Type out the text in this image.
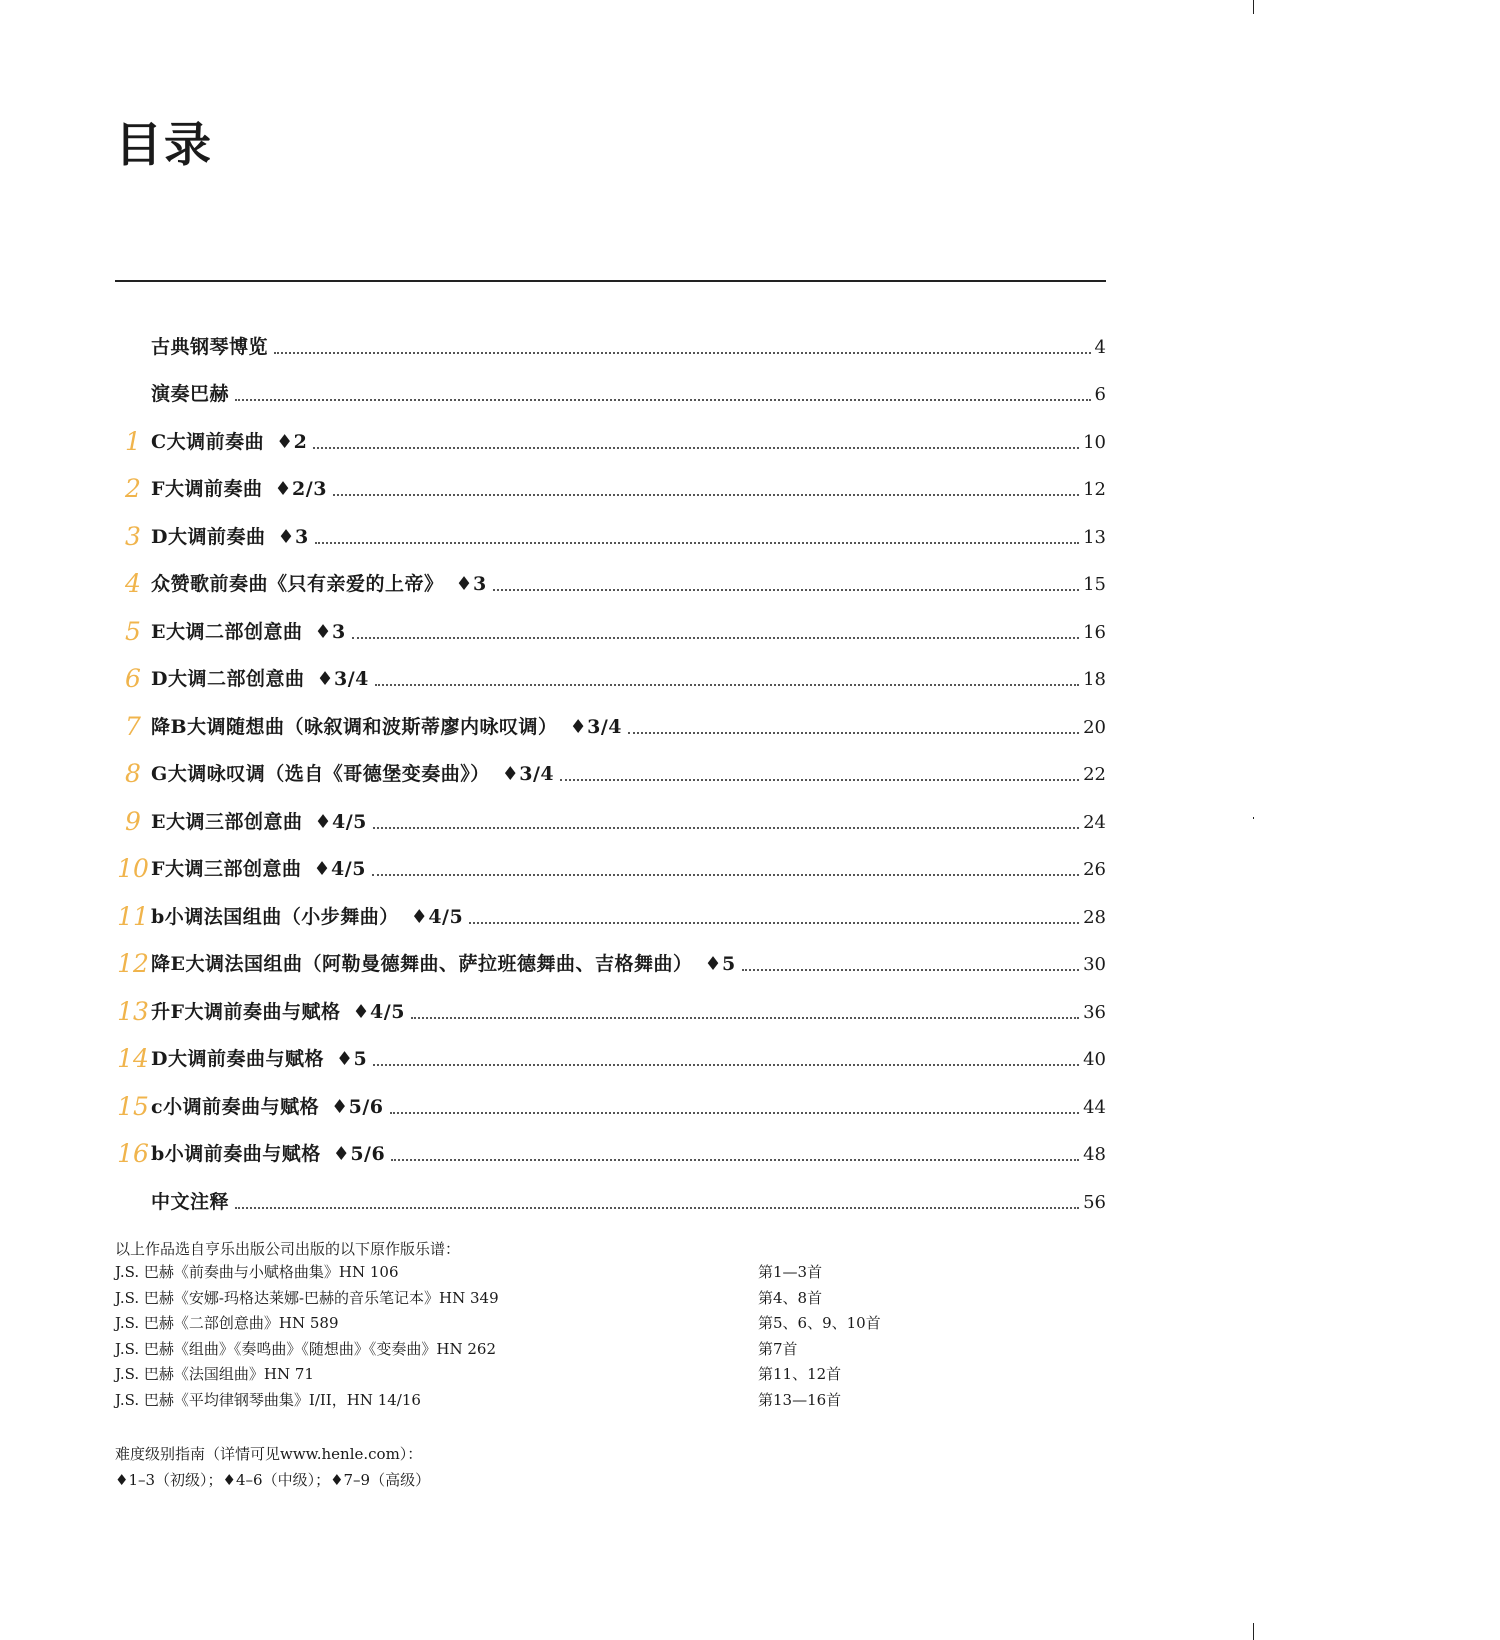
目录
古典钢琴博览	4
演奏巴赫	6
1 C大调前奏曲 ♦2	10
2 F大调前奏曲 ♦2/3	12
3 D大调前奏曲 ♦3	13
4 众赞歌前奏曲《只有亲爱的上帝》 ♦3	15
5 E大调二部创意曲 ♦3	16
6 D大调二部创意曲 ♦3/4	18
7 降B大调随想曲（咏叙调和波斯蒂廖内咏叹调） ♦3/4	20
8 G大调咏叹调（选自《哥德堡变奏曲》） ♦3/4	22
9 E大调三部创意曲 ♦4/5	24
10 F大调三部创意曲 ♦4/5	26
11 b小调法国组曲（小步舞曲） ♦4/5	28
12 降E大调法国组曲（阿勒曼德舞曲、萨拉班德舞曲、吉格舞曲） ♦5	30
13 升F大调前奏曲与赋格 ♦4/5	36
14 D大调前奏曲与赋格 ♦5	40
15 c小调前奏曲与赋格 ♦5/6	44
16 b小调前奏曲与赋格 ♦5/6	48
中文注释	56
以上作品选自亨乐出版公司出版的以下原作版乐谱：
J.S. 巴赫《前奏曲与小赋格曲集》HN 106	第1—3首
J.S. 巴赫《安娜-玛格达莱娜-巴赫的音乐笔记本》HN 349	第4、8首
J.S. 巴赫《二部创意曲》HN 589	第5、6、9、10首
J.S. 巴赫《组曲》《奏鸣曲》《随想曲》《变奏曲》HN 262	第7首
J.S. 巴赫《法国组曲》HN 71	第11、12首
J.S. 巴赫《平均律钢琴曲集》I/II，HN 14/16	第13—16首
难度级别指南（详情可见www.henle.com）：
♦1–3（初级）；♦4–6（中级）；♦7–9（高级）
